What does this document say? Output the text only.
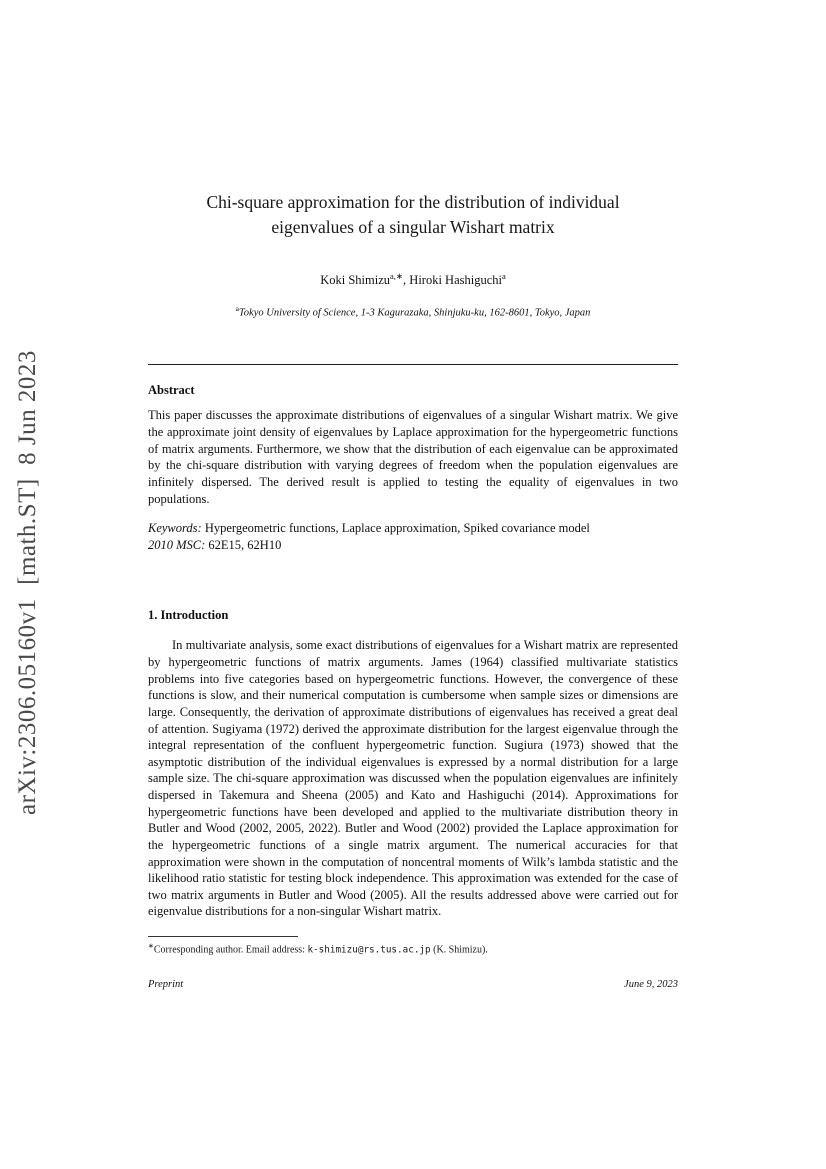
arXiv:2306.05160v1  [math.ST]  8 Jun 2023
Chi-square approximation for the distribution of individual
eigenvalues of a singular Wishart matrix
Koki Shimizu$^{a,∗}$, Hiroki Hashiguchi$^a$
$^a$Tokyo University of Science, 1-3 Kagurazaka, Shinjuku-ku, 162-8601, Tokyo, Japan
Abstract
This paper discusses the approximate distributions of eigenvalues of a singular Wishart matrix. We give the approximate joint density of eigenvalues by Laplace approximation for the hypergeometric functions of matrix arguments. Furthermore, we show that the distribution of each eigenvalue can be approximated by the chi-square distribution with varying degrees of freedom when the population eigenvalues are infinitely dispersed. The derived result is applied to testing the equality of eigenvalues in two populations.
Keywords: Hypergeometric functions, Laplace approximation, Spiked covariance model
2010 MSC: 62E15, 62H10
1. Introduction
In multivariate analysis, some exact distributions of eigenvalues for a Wishart matrix are represented by hypergeometric functions of matrix arguments. James (1964) classified multivariate statistics problems into five categories based on hypergeometric functions. However, the convergence of these functions is slow, and their numerical computation is cumbersome when sample sizes or dimensions are large. Consequently, the derivation of approximate distributions of eigenvalues has received a great deal of attention. Sugiyama (1972) derived the approximate distribution for the largest eigenvalue through the integral representation of the confluent hypergeometric function. Sugiura (1973) showed that the asymptotic distribution of the individual eigenvalues is expressed by a normal distribution for a large sample size. The chi-square approximation was discussed when the population eigenvalues are infinitely dispersed in Takemura and Sheena (2005) and Kato and Hashiguchi (2014). Approximations for hypergeometric functions have been developed and applied to the multivariate distribution theory in Butler and Wood (2002, 2005, 2022). Butler and Wood (2002) provided the Laplace approximation for the hypergeometric functions of a single matrix argument. The numerical accuracies for that approximation were shown in the computation of noncentral moments of Wilk’s lambda statistic and the likelihood ratio statistic for testing block independence. This approximation was extended for the case of two matrix arguments in Butler and Wood (2005). All the results addressed above were carried out for eigenvalue distributions for a non-singular Wishart matrix.
∗Corresponding author. Email address: k-shimizu@rs.tus.ac.jp (K. Shimizu).
Preprint	June 9, 2023
